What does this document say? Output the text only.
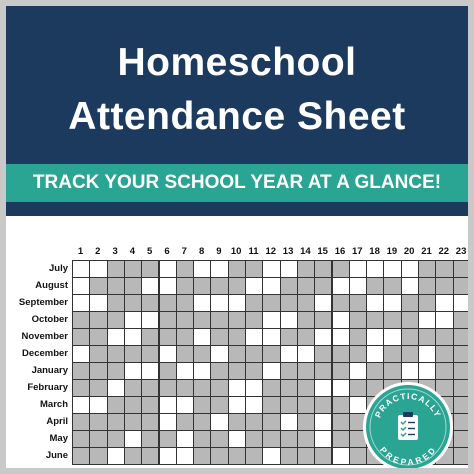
Homeschool
Attendance Sheet
TRACK YOUR SCHOOL YEAR AT A GLANCE!
1	2	3	4	5	6	7	8	9 10 11 12 13 14 15 16 17 18 19 20 21 22 23
July
August
September
October
November
December
January
February
March
April
May
June
PRACTICALLY
PREPARED
